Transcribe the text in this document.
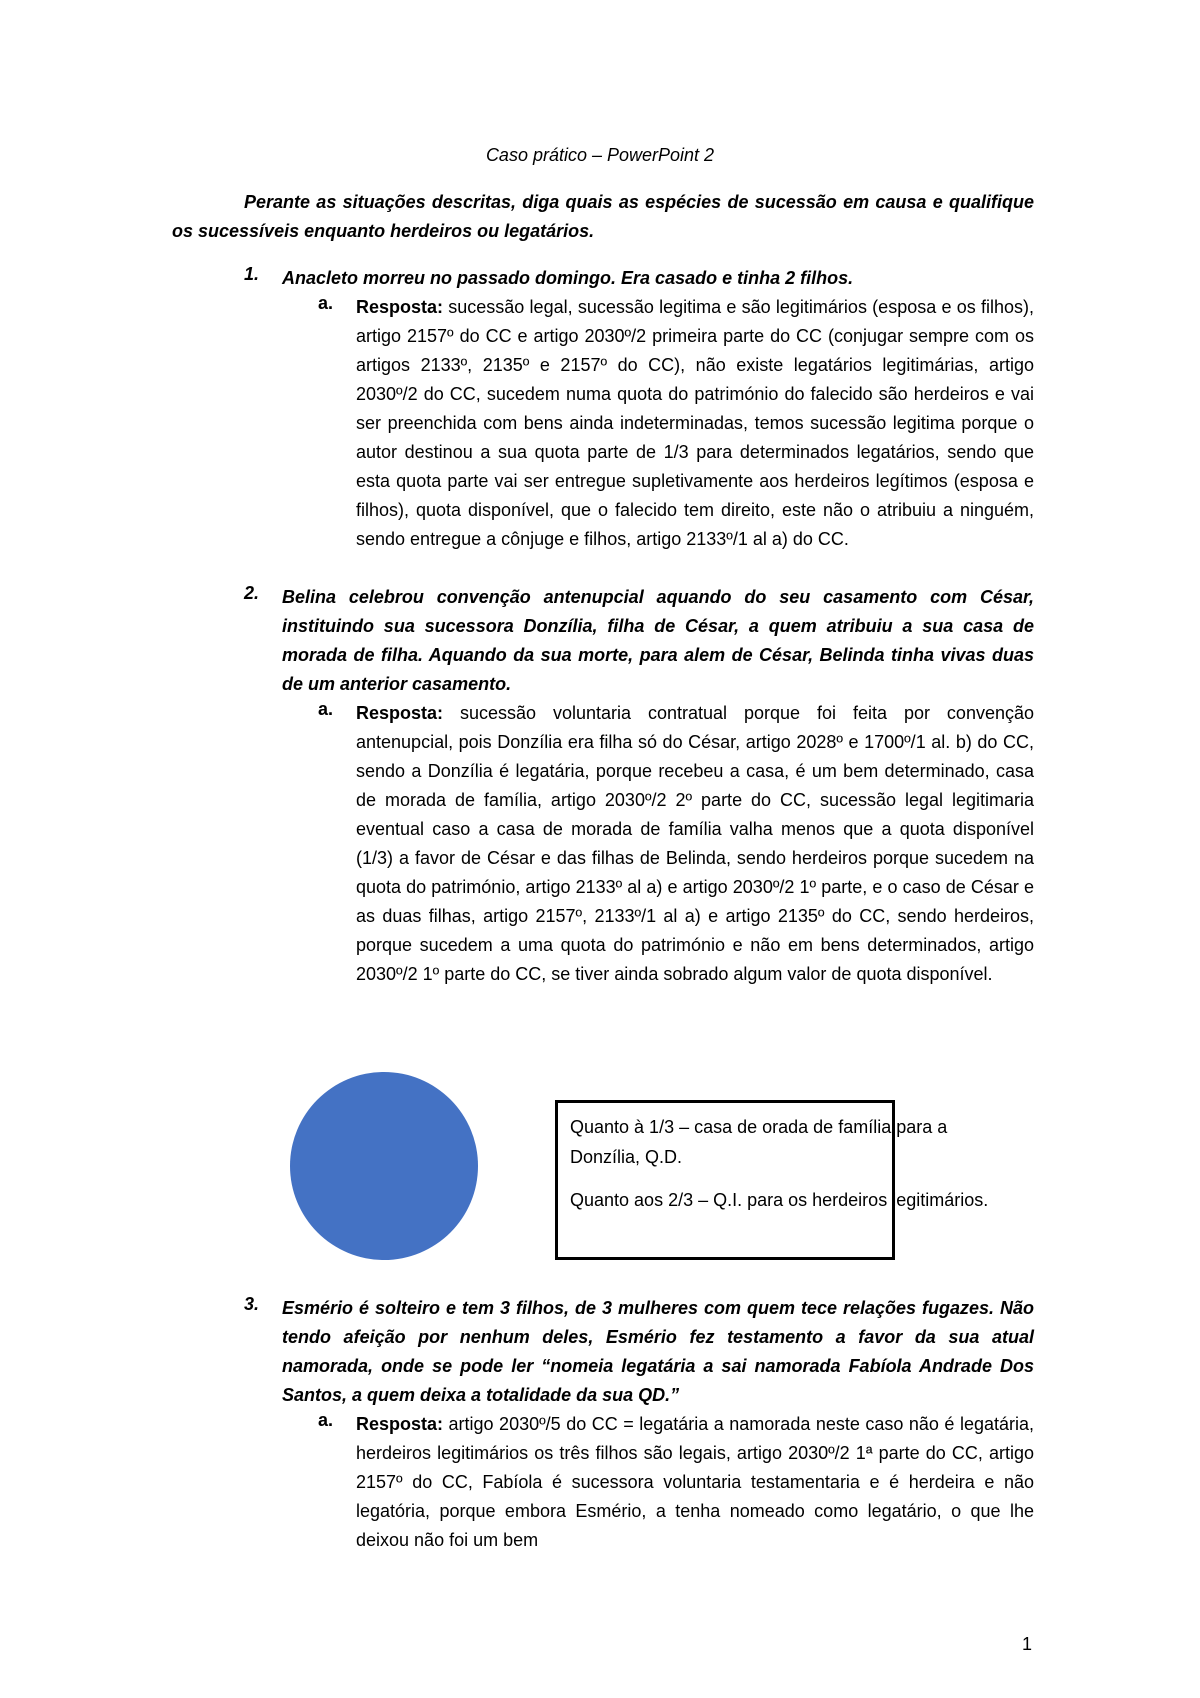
Caso prático – PowerPoint 2
Perante as situações descritas, diga quais as espécies de sucessão em causa e qualifique os sucessíveis enquanto herdeiros ou legatários.
1. Anacleto morreu no passado domingo. Era casado e tinha 2 filhos.
a. Resposta: sucessão legal, sucessão legitima e são legitimários (esposa e os filhos), artigo 2157º do CC e artigo 2030º/2 primeira parte do CC (conjugar sempre com os artigos 2133º, 2135º e 2157º do CC), não existe legatários legitimárias, artigo 2030º/2 do CC, sucedem numa quota do património do falecido são herdeiros e vai ser preenchida com bens ainda indeterminadas, temos sucessão legitima porque o autor destinou a sua quota parte de 1/3 para determinados legatários, sendo que esta quota parte vai ser entregue supletivamente aos herdeiros legítimos (esposa e filhos), quota disponível, que o falecido tem direito, este não o atribuiu a ninguém, sendo entregue a cônjuge e filhos, artigo 2133º/1 al a) do CC.
2. Belina celebrou convenção antenupcial aquando do seu casamento com César, instituindo sua sucessora Donzília, filha de César, a quem atribuiu a sua casa de morada de filha. Aquando da sua morte, para alem de César, Belinda tinha vivas duas de um anterior casamento.
a. Resposta: sucessão voluntaria contratual porque foi feita por convenção antenupcial, pois Donzília era filha só do César, artigo 2028º e 1700º/1 al. b) do CC, sendo a Donzília é legatária, porque recebeu a casa, é um bem determinado, casa de morada de família, artigo 2030º/2 2º parte do CC, sucessão legal legitimaria eventual caso a casa de morada de família valha menos que a quota disponível (1/3) a favor de César e das filhas de Belinda, sendo herdeiros porque sucedem na quota do património, artigo 2133º al a) e artigo 2030º/2 1º parte, e o caso de César e as duas filhas, artigo 2157º, 2133º/1 al a) e artigo 2135º do CC, sendo herdeiros, porque sucedem a uma quota do património e não em bens determinados, artigo 2030º/2 1º parte do CC, se tiver ainda sobrado algum valor de quota disponível.

Quanto à 1/3 – casa de orada de família para a Donzília, Q.D.

Quanto aos 2/3 – Q.I. para os herdeiros legitimários.

3. Esmério é solteiro e tem 3 filhos, de 3 mulheres com quem tece relações fugazes. Não tendo afeição por nenhum deles, Esmério fez testamento a favor da sua atual namorada, onde se pode ler “nomeia legatária a sai namorada Fabíola Andrade Dos Santos, a quem deixa a totalidade da sua QD.”
a. Resposta: artigo 2030º/5 do CC = legatária a namorada neste caso não é legatária, herdeiros legitimários os três filhos são legais, artigo 2030º/2 1ª parte do CC, artigo 2157º do CC, Fabíola é sucessora voluntaria testamentaria e é herdeira e não legatória, porque embora Esmério, a tenha nomeado como legatário, o que lhe deixou não foi um bem
1
